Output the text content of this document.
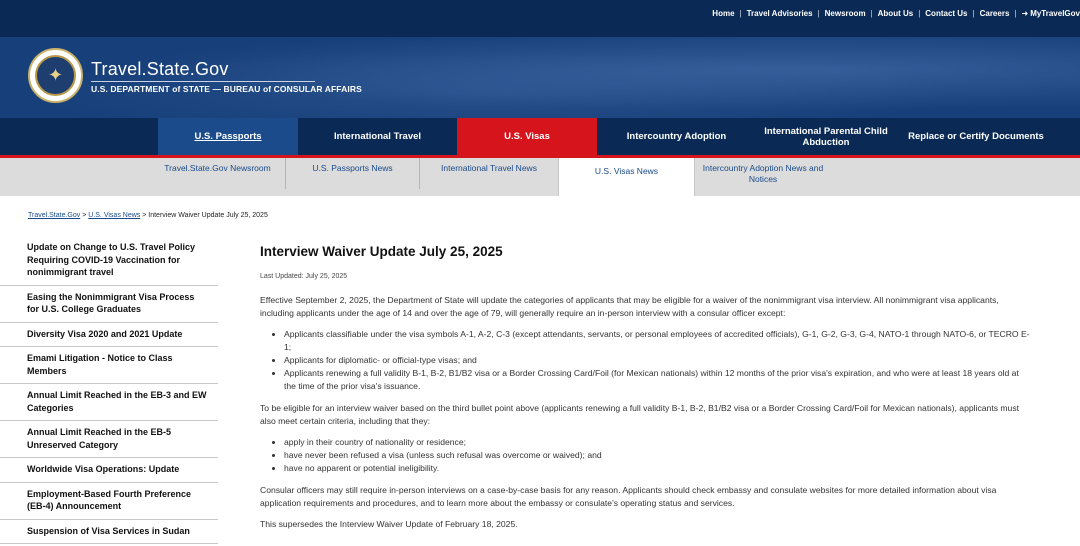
Home | Travel Advisories | Newsroom | About Us | Contact Us | Careers | ➜ MyTravelGov
✦	Travel.State.Gov
U.S. DEPARTMENT of STATE — BUREAU of CONSULAR AFFAIRS
U.S. Passports	International Travel	U.S. Visas	Intercountry Adoption	International Parental Child Abduction	Replace or Certify Documents
Travel.State.Gov Newsroom	U.S. Passports News	International Travel News	U.S. Visas News	Intercountry Adoption News and Notices
Travel.State.Gov > U.S. Visas News > Interview Waiver Update July 25, 2025
Update on Change to U.S. Travel Policy Requiring COVID-19 Vaccination for nonimmigrant travel
Easing the Nonimmigrant Visa Process for U.S. College Graduates
Diversity Visa 2020 and 2021 Update
Emami Litigation - Notice to Class Members
Annual Limit Reached in the EB-3 and EW Categories
Annual Limit Reached in the EB-5 Unreserved Category
Worldwide Visa Operations: Update
Employment-Based Fourth Preference (EB-4) Announcement
Suspension of Visa Services in Sudan
Interview Waiver Update July 25, 2025
Last Updated: July 25, 2025

Effective September 2, 2025, the Department of State will update the categories of applicants that may be eligible for a waiver of the nonimmigrant visa interview. All nonimmigrant visa applicants, including applicants under the age of 14 and over the age of 79, will generally require an in-person interview with a consular officer except:

• Applicants classifiable under the visa symbols A-1, A-2, C-3 (except attendants, servants, or personal employees of accredited officials), G-1, G-2, G-3, G-4, NATO-1 through NATO-6, or TECRO E-1;
• Applicants for diplomatic- or official-type visas; and
• Applicants renewing a full validity B-1, B-2, B1/B2 visa or a Border Crossing Card/Foil (for Mexican nationals) within 12 months of the prior visa's expiration, and who were at least 18 years old at the time of the prior visa's issuance.

To be eligible for an interview waiver based on the third bullet point above (applicants renewing a full validity B-1, B-2, B1/B2 visa or a Border Crossing Card/Foil for Mexican nationals), applicants must also meet certain criteria, including that they:

• apply in their country of nationality or residence;
• have never been refused a visa (unless such refusal was overcome or waived); and
• have no apparent or potential ineligibility.

Consular officers may still require in-person interviews on a case-by-case basis for any reason. Applicants should check embassy and consulate websites for more detailed information about visa application requirements and procedures, and to learn more about the embassy or consulate's operating status and services.

This supersedes the Interview Waiver Update of February 18, 2025.
